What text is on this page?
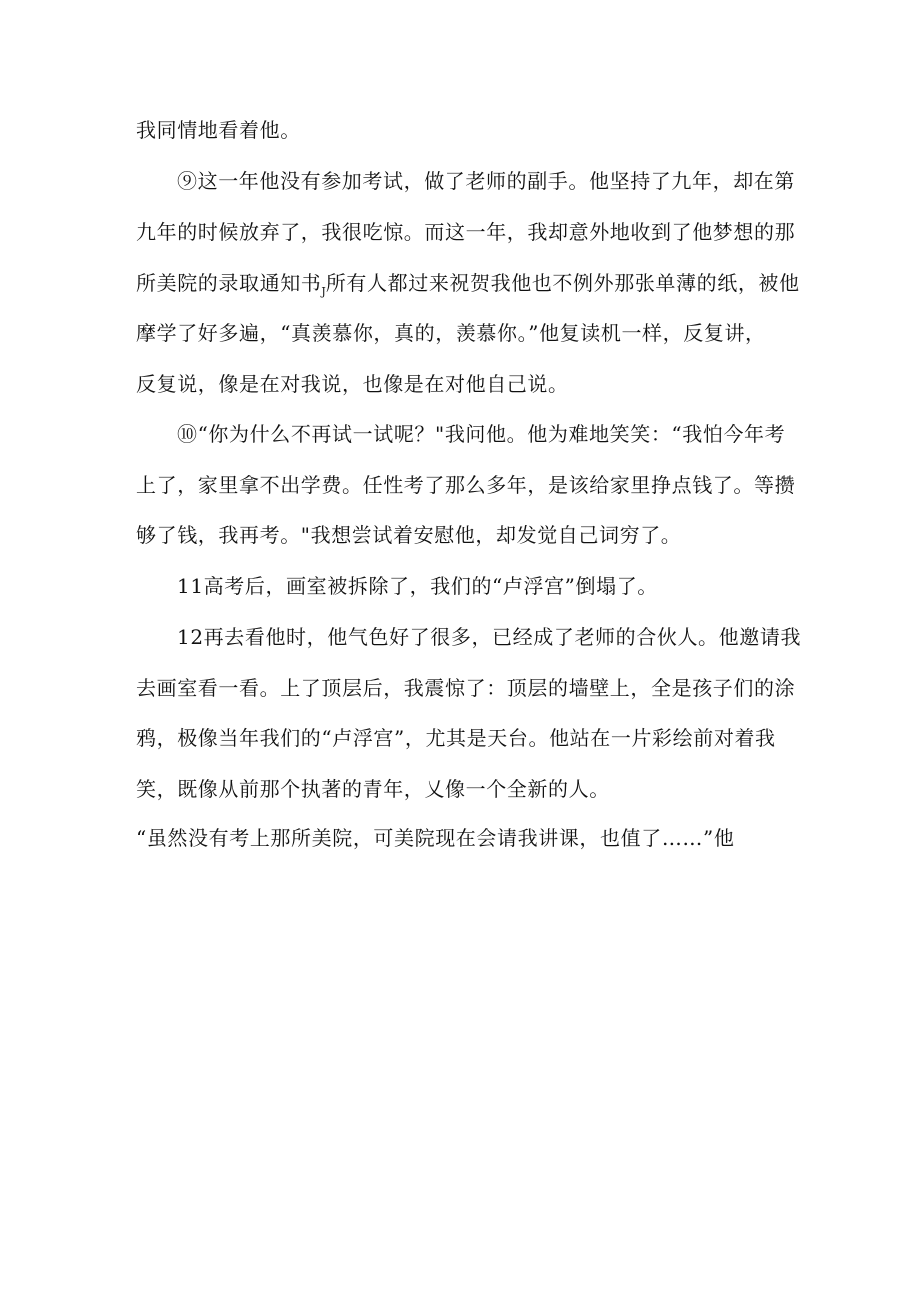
我同情地看着他。
⑨这一年他没有参加考试，做了老师的副手。他坚持了九年，却在第
九年的时候放弃了，我很吃惊。而这一年，我却意外地收到了他梦想的那
所美院的录取通知书$_J$所有人都过来祝贺我他也不例外那张单薄的纸，被他
摩学了好多遍，“真羡慕你，真的，羡慕你。”他复读机一样，反复讲，
反复说，像是在对我说，也像是在对他自己说。
⑩“你为什么不再试一试呢？"我问他。他为难地笑笑：“我怕今年考
上了，家里拿不出学费。任性考了那么多年，是该给家里挣点钱了。等攒
够了钱，我再考。"我想尝试着安慰他，却发觉自己词穷了。
11高考后，画室被拆除了，我们的“卢浮宫”倒塌了。
12再去看他时，他气色好了很多，已经成了老师的合伙人。他邀请我
去画室看一看。上了顶层后，我震惊了：顶层的墙壁上，全是孩子们的涂
鸦，极像当年我们的“卢浮宫”，尤其是天台。他站在一片彩绘前对着我
笑，既像从前那个执著的青年，乂像一个全新的人。
“虽然没有考上那所美院，可美院现在会请我讲课，也值了……”他
